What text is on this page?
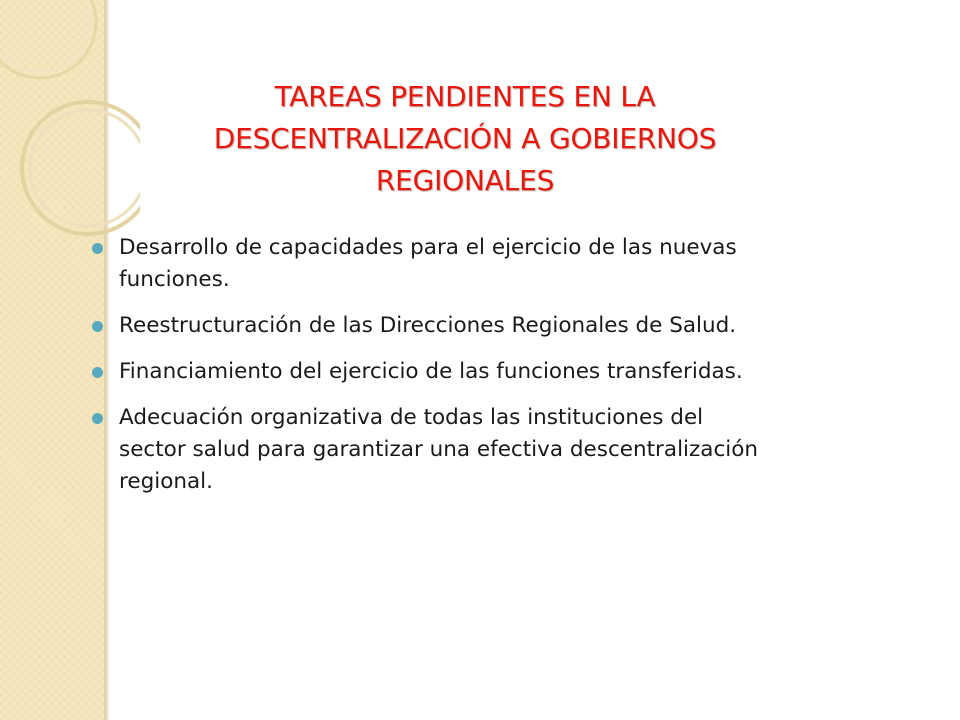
TAREAS PENDIENTES EN LA
DESCENTRALIZACIÓN A GOBIERNOS
REGIONALES
Desarrollo de capacidades para el ejercicio de las nuevas
funciones.
Reestructuración de las Direcciones Regionales de Salud.
Financiamiento del ejercicio de las funciones transferidas.
Adecuación organizativa de todas las instituciones del
sector salud para garantizar una efectiva descentralización
regional.
